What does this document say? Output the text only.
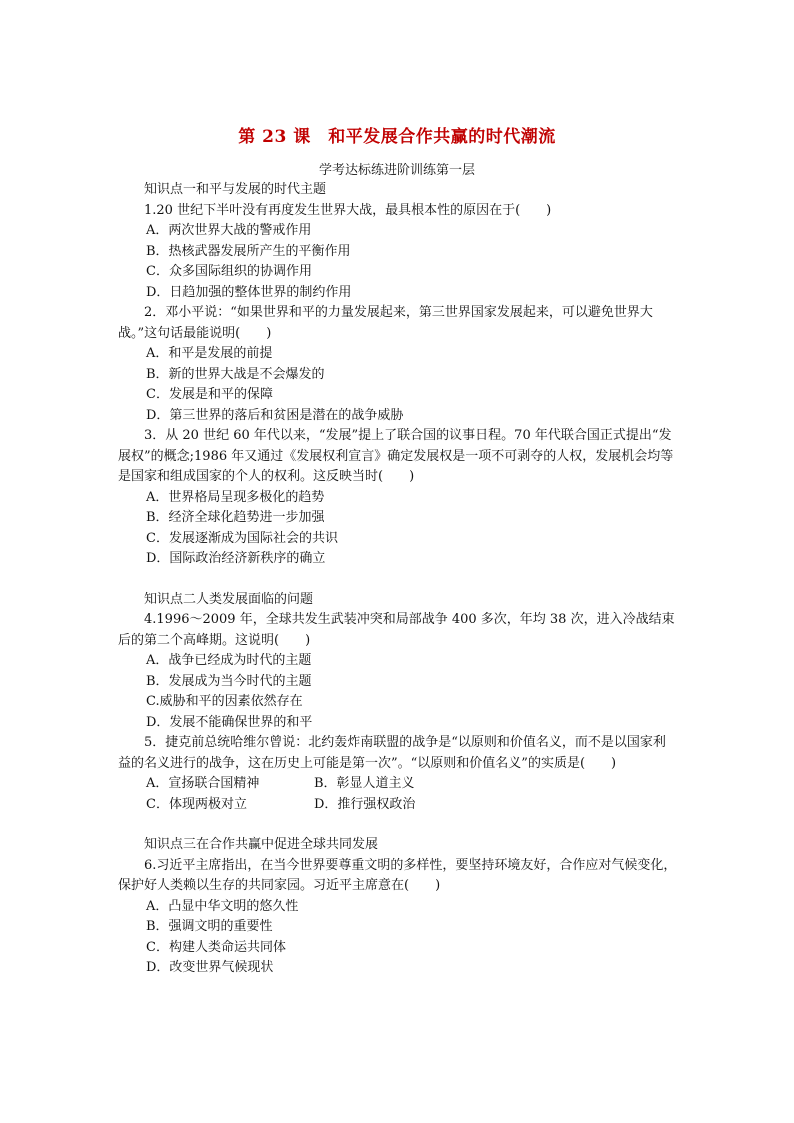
第 23 课　和平发展合作共赢的时代潮流
学考达标练进阶训练第一层

知识点一和平与发展的时代主题

1.20 世纪下半叶没有再度发生世界大战，最具根本性的原因在于(　　)

A．两次世界大战的警戒作用

B．热核武器发展所产生的平衡作用

C．众多国际组织的协调作用

D．日趋加强的整体世界的制约作用

2．邓小平说：“如果世界和平的力量发展起来，第三世界国家发展起来，可以避免世界大战。”这句话最能说明(　　)

A．和平是发展的前提

B．新的世界大战是不会爆发的

C．发展是和平的保障

D．第三世界的落后和贫困是潜在的战争威胁

3．从 20 世纪 60 年代以来，“发展”提上了联合国的议事日程。70 年代联合国正式提出“发展权”的概念;1986 年又通过《发展权利宣言》确定发展权是一项不可剥夺的人权，发展机会均等是国家和组成国家的个人的权利。这反映当时(　　)

A．世界格局呈现多极化的趋势

B．经济全球化趋势进一步加强

C．发展逐渐成为国际社会的共识

D．国际政治经济新秩序的确立

知识点二人类发展面临的问题

4.1996～2009 年，全球共发生武装冲突和局部战争 400 多次，年均 38 次，进入冷战结束后的第二个高峰期。这说明(　　)

A．战争已经成为时代的主题

B．发展成为当今时代的主题

C.威胁和平的因素依然存在

D．发展不能确保世界的和平

5．捷克前总统哈维尔曾说：北约轰炸南联盟的战争是“以原则和价值名义，而不是以国家利益的名义进行的战争，这在历史上可能是第一次”。“以原则和价值名义”的实质是(　　)

A．宣扬联合国精神	B．彰显人道主义
C．体现两极对立	D．推行强权政治

知识点三在合作共赢中促进全球共同发展

6.习近平主席指出，在当今世界要尊重文明的多样性，要坚持环境友好，合作应对气候变化，保护好人类赖以生存的共同家园。习近平主席意在(　　)

A．凸显中华文明的悠久性

B．强调文明的重要性

C．构建人类命运共同体

D．改变世界气候现状
